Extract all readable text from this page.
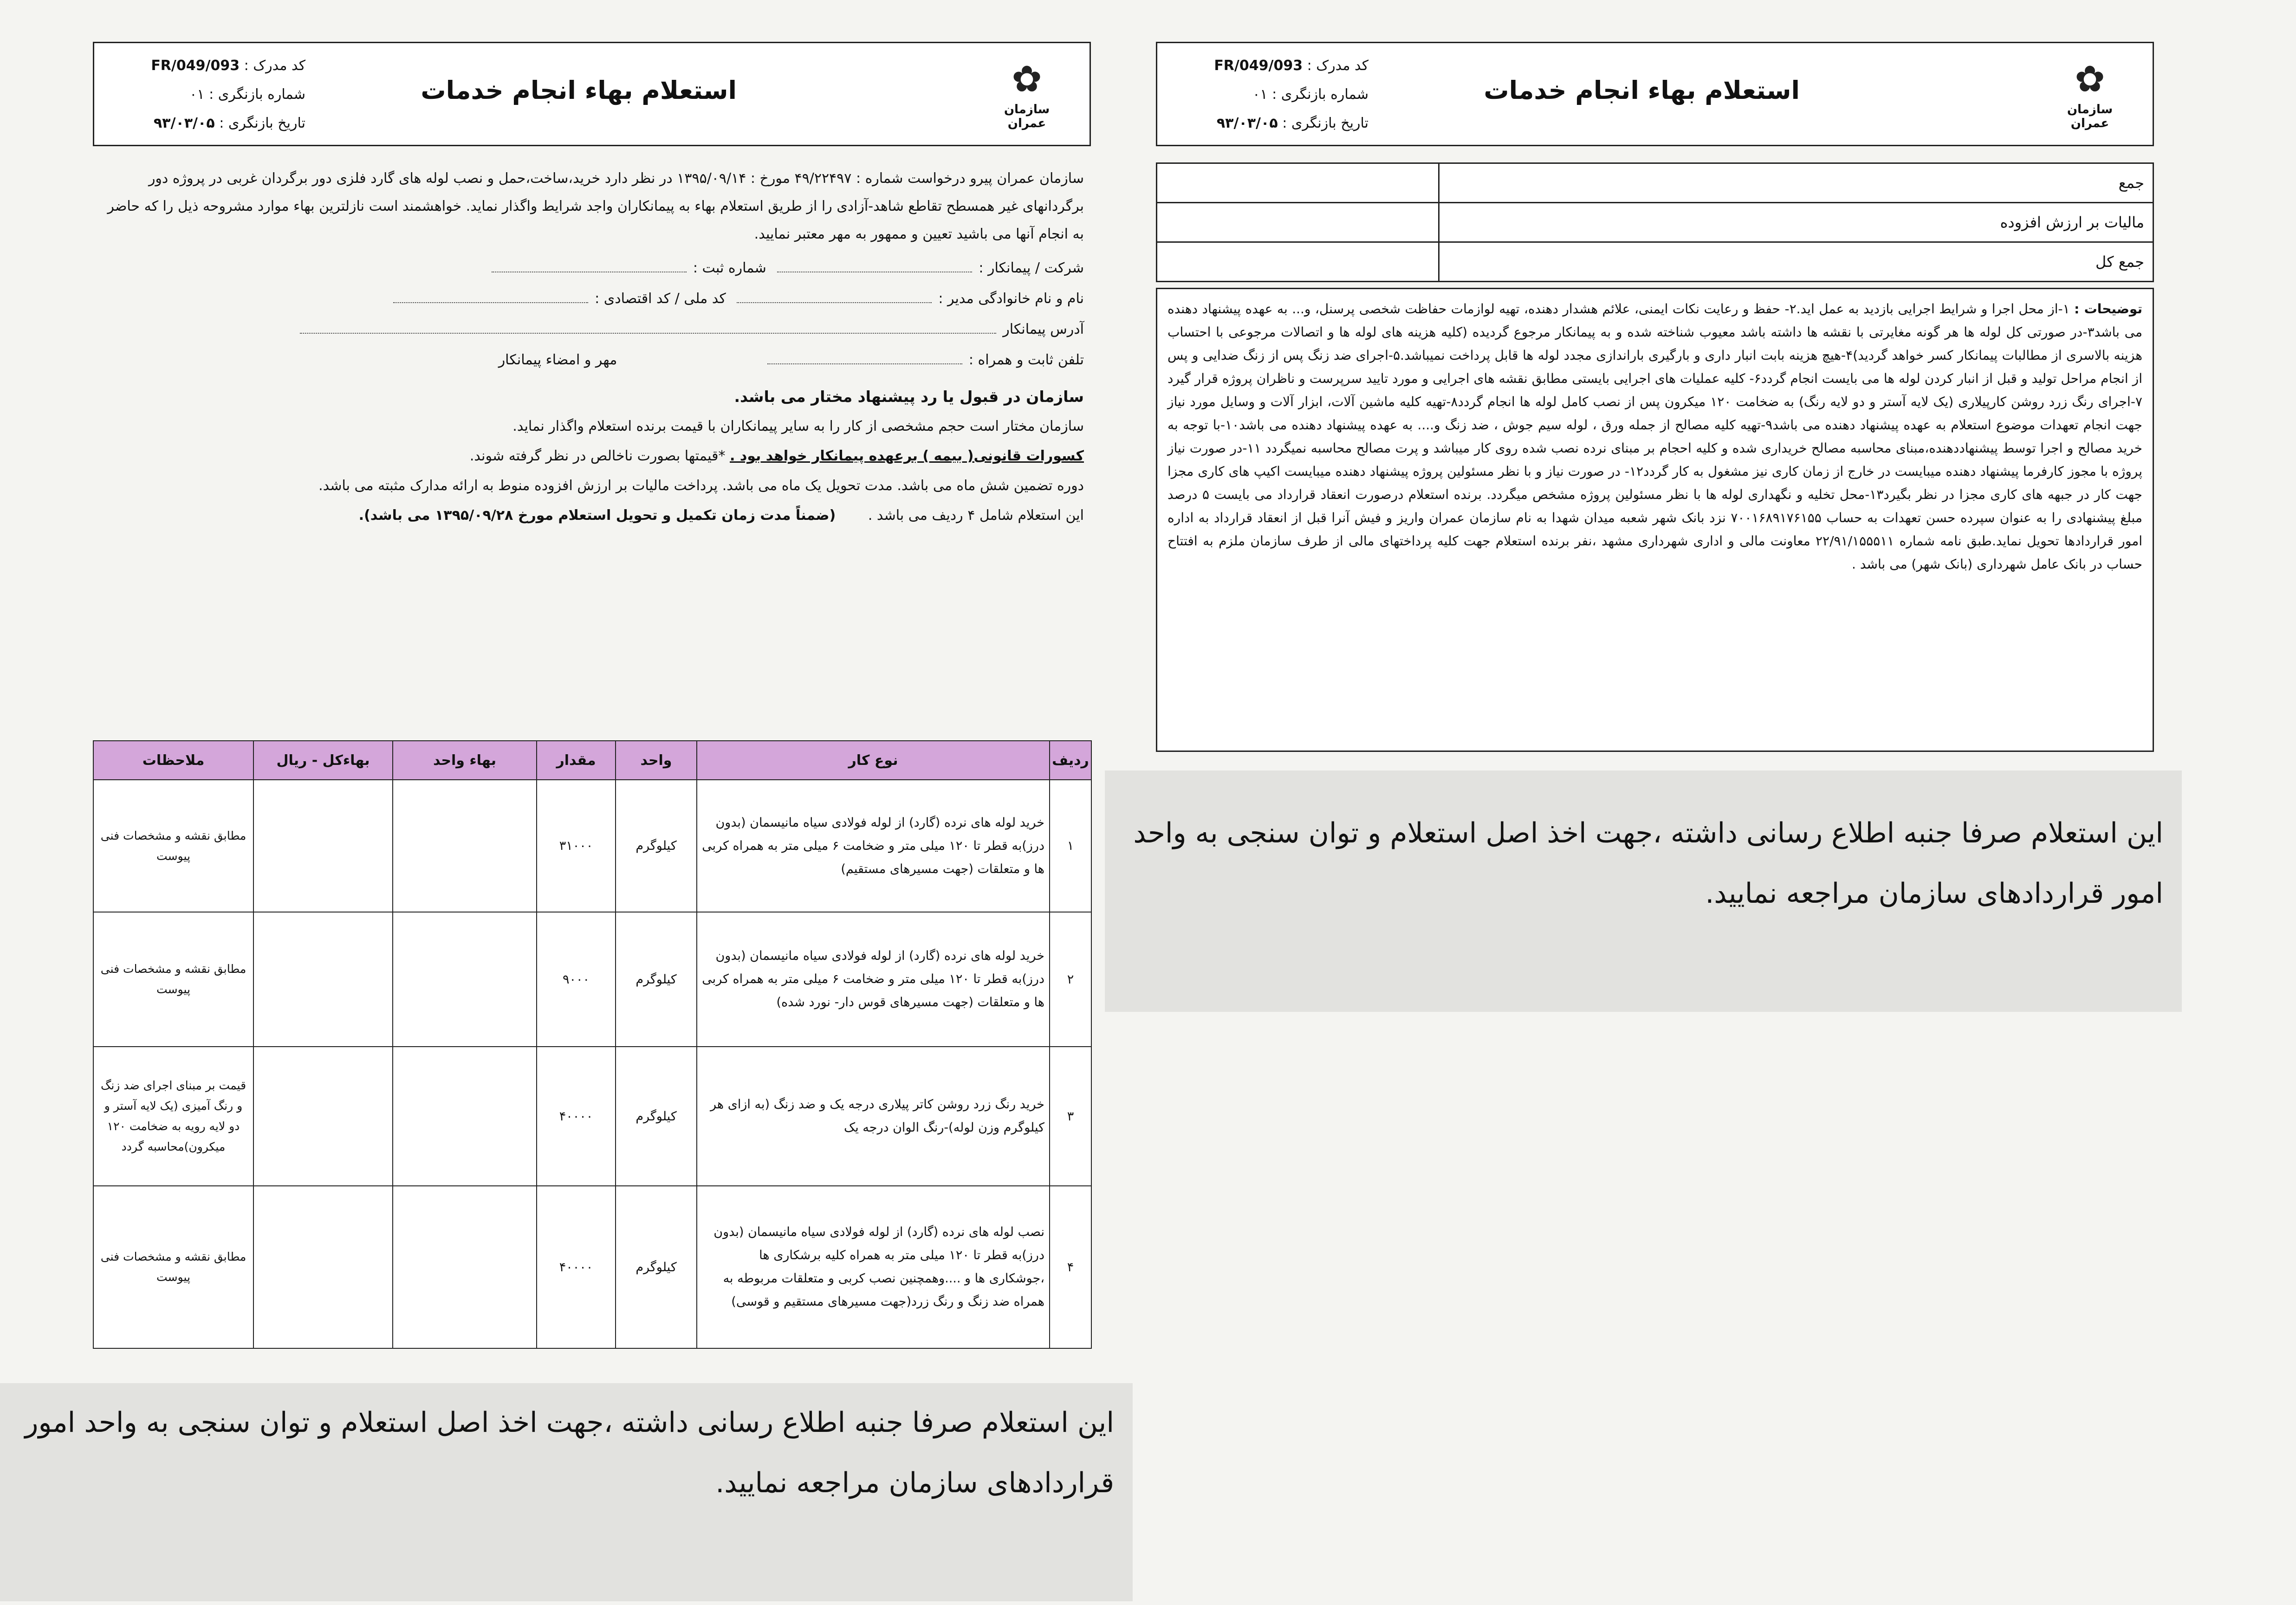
✿
سازمان عمران
استعلام بهاء انجام خدمات
کد مدرک : FR/049/093
شماره بازنگری : ۰۱
تاریخ بازنگری : ۹۳/۰۳/۰۵

سازمان عمران پیرو درخواست شماره : ۴۹/۲۲۴۹۷ مورخ : ۱۳۹۵/۰۹/۱۴ در نظر دارد خرید،ساخت،حمل و نصب لوله های گارد فلزی دور برگردان غربی در پروژه دور برگردانهای غیر همسطح تقاطع شاهد-آزادی را از طریق استعلام بهاء به پیمانکاران واجد شرایط واگذار نماید. خواهشمند است نازلترین بهاء موارد مشروحه ذیل را که حاضر به انجام آنها می باشید تعیین و ممهور به مهر معتبر نمایید.

شرکت / پیمانکار : شماره ثبت :
نام و نام خانوادگی مدیر : کد ملی / کد اقتصادی :
آدرس پیمانکار
تلفن ثابت و همراه : مهر و امضاء پیمانکار
سازمان در قبول یا رد پیشنهاد مختار می باشد.
سازمان مختار است حجم مشخصی از کار را به سایر پیمانکاران با قیمت برنده استعلام واگذار نماید.
کسورات قانونی( بیمه ) برعهده پیمانکار خواهد بود . *قیمتها بصورت ناخالص در نظر گرفته شوند.
دوره تضمین شش ماه می باشد. مدت تحویل یک ماه می باشد. پرداخت مالیات بر ارزش افزوده منوط به ارائه مدارک مثبته می باشد.
این استعلام شامل ۴ ردیف می باشد . (ضمناً مدت زمان تکمیل و تحویل استعلام مورخ ۱۳۹۵/۰۹/۲۸ می باشد).
ردیف	نوع کار	واحد	مقدار	بهاء واحد	بهاءکل - ریال	ملاحظات
۱	خرید لوله های نرده (گارد) از لوله فولادی سیاه مانیسمان (بدون درز)به قطر تا ۱۲۰ میلی متر و ضخامت ۶ میلی متر به همراه کربی ها و متعلقات (جهت مسیرهای مستقیم)	کیلوگرم	۳۱۰۰۰			مطابق نقشه و مشخصات فنی پیوست
۲	خرید لوله های نرده (گارد) از لوله فولادی سیاه مانیسمان (بدون درز)به قطر تا ۱۲۰ میلی متر و ضخامت ۶ میلی متر به همراه کربی ها و متعلقات (جهت مسیرهای قوس دار- نورد شده)	کیلوگرم	۹۰۰۰			مطابق نقشه و مشخصات فنی پیوست
۳	خرید رنگ زرد روشن کاتر پیلاری درجه یک و ضد زنگ (به ازای هر کیلوگرم وزن لوله)-رنگ الوان درجه یک	کیلوگرم	۴۰۰۰۰			قیمت بر مبنای اجرای ضد زنگ و رنگ آمیزی (یک لایه آستر و دو لایه رویه به ضخامت ۱۲۰ میکرون)محاسبه گردد
۴	نصب لوله های نرده (گارد) از لوله فولادی سیاه مانیسمان (بدون درز)به قطر تا ۱۲۰ میلی متر به همراه کلیه برشکاری ها ،جوشکاری ها و ....وهمچنین نصب کربی و متعلقات مربوطه به همراه ضد زنگ و رنگ زرد(جهت مسیرهای مستقیم و قوسی)	کیلوگرم	۴۰۰۰۰			مطابق نقشه و مشخصات فنی پیوست
این استعلام صرفا جنبه اطلاع رسانی داشته ،جهت اخذ اصل استعلام و توان سنجی به واحد امور قراردادهای سازمان مراجعه نمایید.
✿
سازمان عمران
استعلام بهاء انجام خدمات
کد مدرک : FR/049/093
شماره بازنگری : ۰۱
تاریخ بازنگری : ۹۳/۰۳/۰۵
جمع	
مالیات بر ارزش افزوده	
جمع کل	
توضیحات : ۱-از محل اجرا و شرایط اجرایی بازدید به عمل اید.۲- حفظ و رعایت نکات ایمنی، علائم هشدار دهنده، تهیه لوازمات حفاظت شخصی پرسنل، و... به عهده پیشنهاد دهنده می باشد۳-در صورتی کل لوله ها هر گونه مغایرتی با نقشه ها داشته باشد معیوب شناخته شده و به پیمانکار مرجوع گردیده (کلیه هزینه های لوله ها و اتصالات مرجوعی با احتساب هزینه بالاسری از مطالبات پیمانکار کسر خواهد گردید)۴-هیچ هزینه بابت انبار داری و بارگیری باراندازی مجدد لوله ها قابل پرداخت نمیباشد.۵-اجرای ضد زنگ پس از زنگ ضدایی و پس از انجام مراحل تولید و قبل از انبار کردن لوله ها می بایست انجام گردد۶- کلیه عملیات های اجرایی بایستی مطابق نقشه های اجرایی و مورد تایید سرپرست و ناظران پروژه قرار گیرد ۷-اجرای رنگ زرد روشن کارپیلاری (یک لایه آستر و دو لایه رنگ) به ضخامت ۱۲۰ میکرون پس از نصب کامل لوله ها انجام گردد۸-تهیه کلیه ماشین آلات، ابزار آلات و وسایل مورد نیاز جهت انجام تعهدات موضوع استعلام به عهده پیشنهاد دهنده می باشد۹-تهیه کلیه مصالح از جمله ورق ، لوله سیم جوش ، ضد زنگ و.... به عهده پیشنهاد دهنده می باشد۱۰-با توجه به خرید مصالح و اجرا توسط پیشنهاددهنده،مبنای محاسبه مصالح خریداری شده و کلیه احجام بر مبنای نرده نصب شده روی کار میباشد و پرت مصالح محاسبه نمیگردد ۱۱-در صورت نیاز پروژه با مجوز کارفرما پیشنهاد دهنده میبایست در خارج از زمان کاری نیز مشغول به کار گردد۱۲- در صورت نیاز و با نظر مسئولین پروژه پیشنهاد دهنده میبایست اکیپ های کاری مجزا جهت کار در جبهه های کاری مجزا در نظر بگیرد۱۳-محل تخلیه و نگهداری لوله ها با نظر مسئولین پروژه مشخص میگردد. برنده استعلام درصورت انعقاد قرارداد می بایست ۵ درصد مبلغ پیشنهادی را به عنوان سپرده حسن تعهدات به حساب ۷۰۰۱۶۸۹۱۷۶۱۵۵ نزد بانک شهر شعبه میدان شهدا به نام سازمان عمران واریز و فیش آنرا قبل از انعقاد قرارداد به اداره امور قراردادها تحویل نماید.طبق نامه شماره ۲۲/۹۱/۱۵۵۵۱۱ معاونت مالی و اداری شهرداری مشهد ،نفر برنده استعلام جهت کلیه پرداختهای مالی از طرف سازمان ملزم به افتتاح حساب در بانک عامل شهرداری (بانک شهر) می باشد .
این استعلام صرفا جنبه اطلاع رسانی داشته ،جهت اخذ اصل استعلام و توان سنجی به واحد امور قراردادهای سازمان مراجعه نمایید.
